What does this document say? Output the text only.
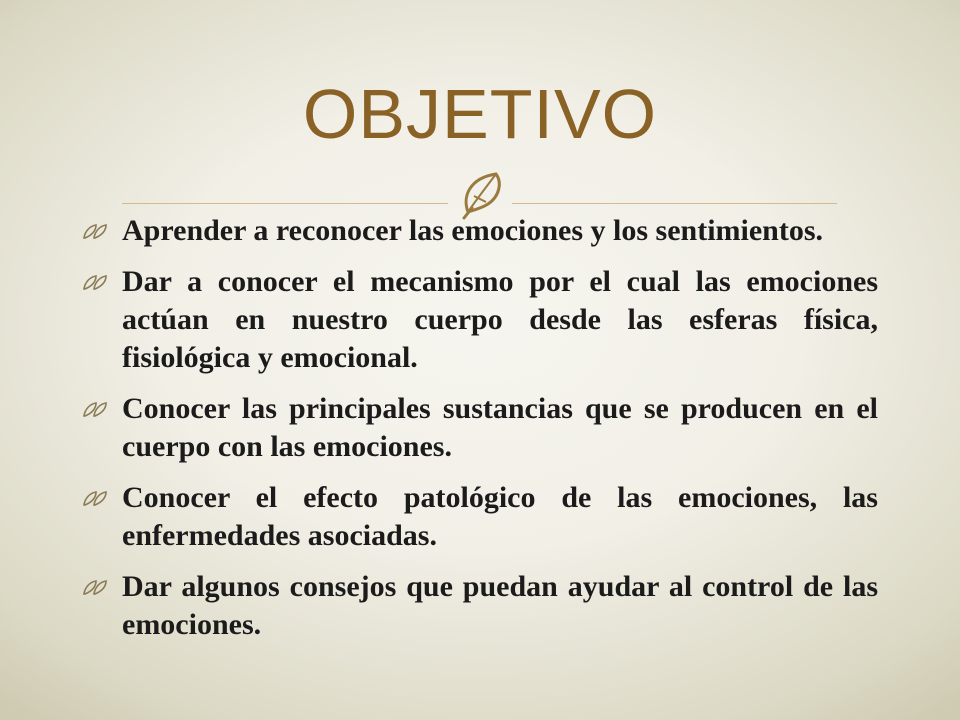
OBJETIVO
Aprender a reconocer las emociones y los sentimientos.
Dar a conocer el mecanismo por el cual las emociones actúan en nuestro cuerpo desde las esferas física, fisiológica y emocional.
Conocer las principales sustancias que se producen en el cuerpo con las emociones.
Conocer el efecto patológico de las emociones, las enfermedades asociadas.
Dar algunos consejos que puedan ayudar al control de las emociones.
